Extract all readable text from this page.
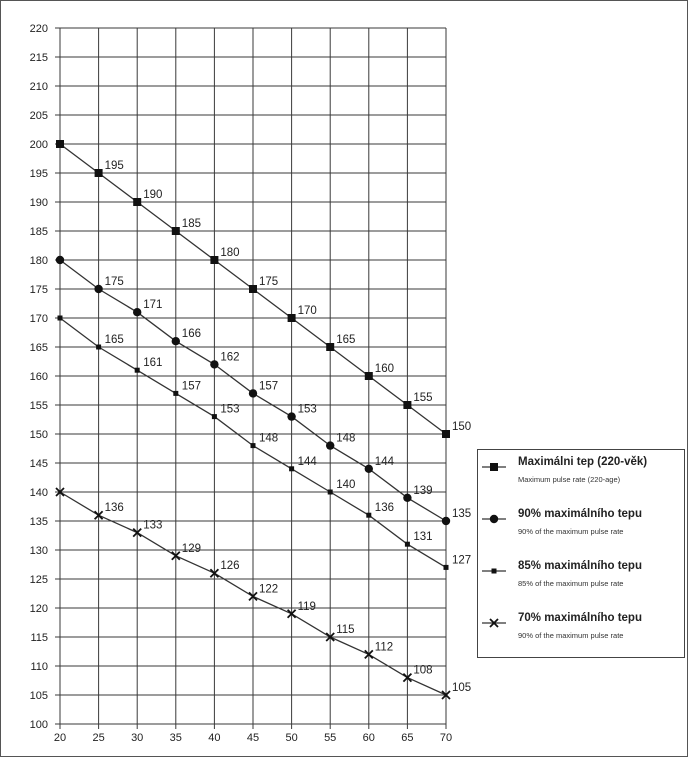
195
190
185
180
175
170
165
160
155
150
175
171
166
162
157
153
148
144
139
135
165
161
157
153
148
144
140
136
131
127
136
133
129
126
122
119
115
112
108
105
100
105
110
115
120
125
130
135
140
145
150
155
160
165
170
175
180
185
190
195
200
205
210
215
220
20 25 30 35 40 45 50 55 60 65 70
Maximálni tep (220-věk)
Maximum pulse rate (220-age)
90% maximálního tepu
90% of the maximum pulse rate
85% maximálního tepu
85% of the maximum pulse rate
70% maximálního tepu
90% of the maximum pulse rate
